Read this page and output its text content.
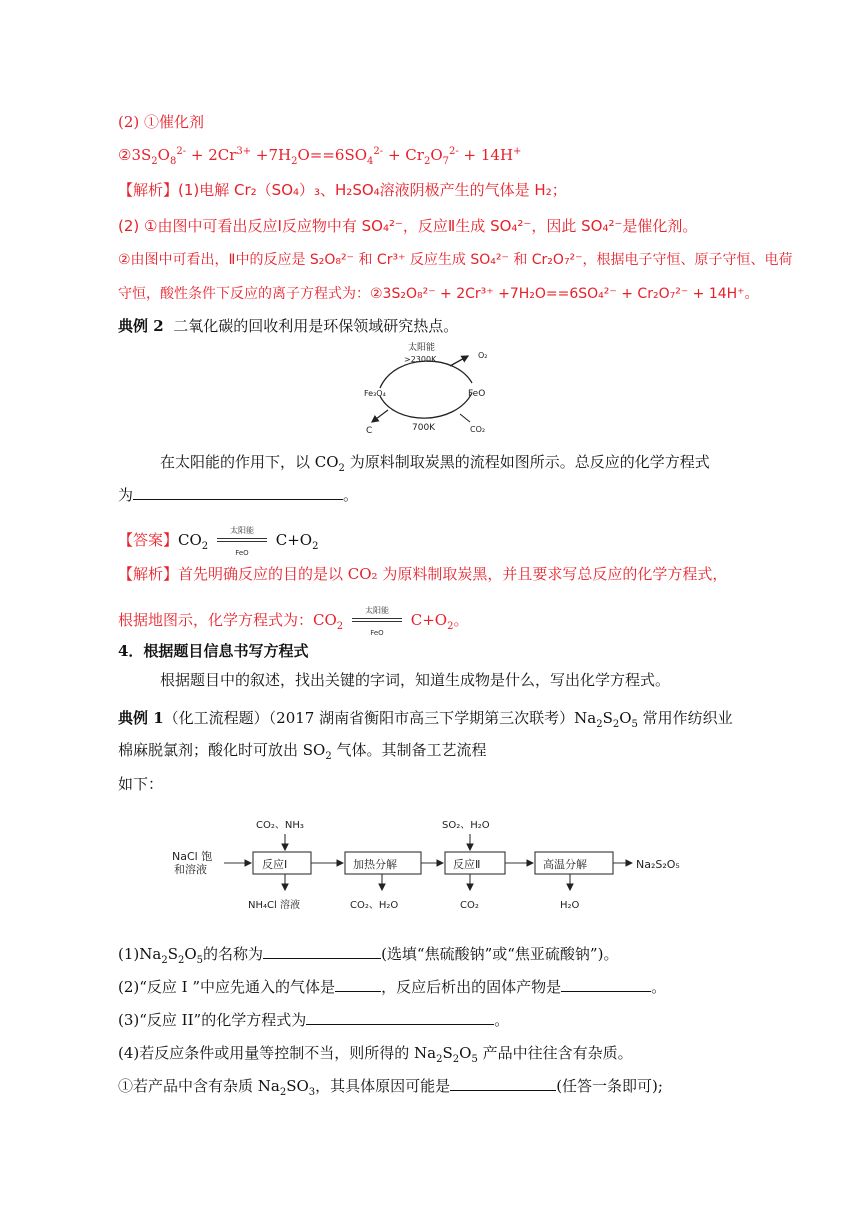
(2) ①催化剂
$②3S_2O_8^{2-} + 2Cr^{3+} +7H_2O==6SO_4^{2-} + Cr_2O_7^{2-} + 14H^+$
【解析】(1)电解 Cr₂（SO₄）₃、H₂SO₄溶液阴极产生的气体是 H₂；
(2) ①由图中可看出反应Ⅰ反应物中有 SO₄²⁻，反应Ⅱ生成 SO₄²⁻，因此 SO₄²⁻是催化剂。
②由图中可看出，Ⅱ中的反应是 S₂O₈²⁻ 和 Cr³⁺ 反应生成 SO₄²⁻ 和 Cr₂O₇²⁻，根据电子守恒、原子守恒、电荷
守恒，酸性条件下反应的离子方程式为：②3S₂O₈²⁻ + 2Cr³⁺ +7H₂O==6SO₄²⁻ + Cr₂O₇²⁻ + 14H⁺。
典例 2 二氧化碳的回收利用是环保领域研究热点。
太阳能
>2300K	O₂
Fe₃O₄	FeO
700K
C	CO₂
在太阳能的作用下，以 $CO_2$ 为原料制取炭黑的流程如图所示。总反应的化学方程式
为	。
【答案】$CO_2$
太阳能
FeO
$C+O_2$
【解析】首先明确反应的目的是以 CO₂ 为原料制取炭黑，并且要求写总反应的化学方程式，
根据地图示，化学方程式为：$CO_2$
太阳能
FeO
$C+O_2$。
4．根据题目信息书写方程式
根据题目中的叙述，找出关键的字词，知道生成物是什么，写出化学方程式。
典例 1（化工流程题）（2017 湖南省衡阳市高三下学期第三次联考）$Na_2S_2O_5$ 常用作纺织业
棉麻脱氯剂；酸化时可放出 $SO_2$ 气体。其制备工艺流程
如下：
NaCl 饱
和溶液	反应Ⅰ	加热分解	反应Ⅱ	高温分解	Na₂S₂O₅
CO₂、NH₃	SO₂、H₂O
NH₄Cl 溶液	CO₂、H₂O	CO₂	H₂O
$(1)Na_2S_2O_5$的名称为	(选填“焦硫酸钠”或“焦亚硫酸钠”)。
(2)“反应 I ”中应先通入的气体是	，反应后析出的固体产物是	。
(3)“反应 II”的化学方程式为	。
(4)若反应条件或用量等控制不当，则所得的 $Na_2S_2O_5$ 产品中往往含有杂质。
①若产品中含有杂质 $Na_2SO_3$，其具体原因可能是	(任答一条即可);
